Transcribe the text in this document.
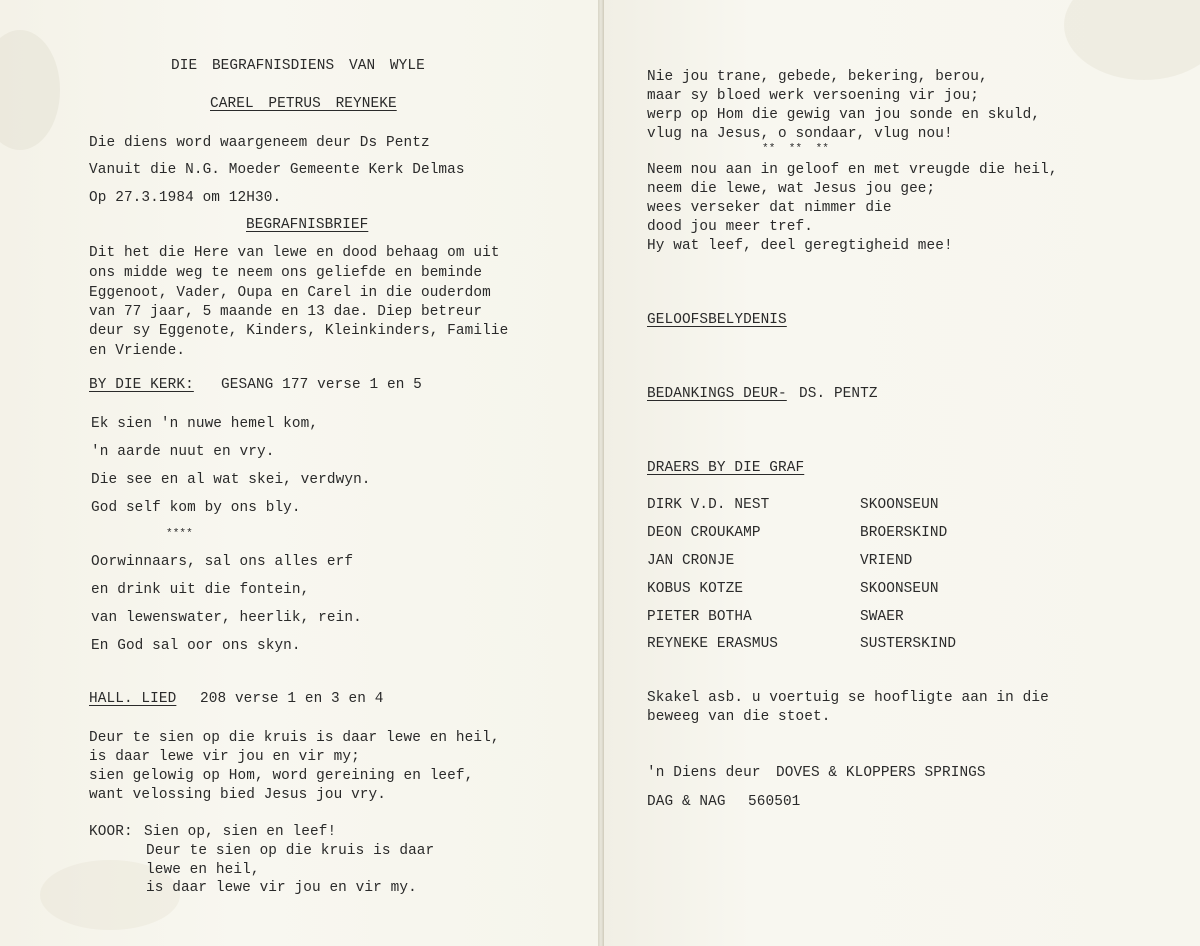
DIE BEGRAFNISDIENS VAN WYLE
CAREL PETRUS REYNEKE
Die diens word waargeneem deur Ds Pentz
Vanuit die N.G. Moeder Gemeente Kerk Delmas
Op 27.3.1984 om 12H30.
BEGRAFNISBRIEF
Dit het die Here van lewe en dood behaag om uit
ons midde weg te neem ons geliefde en beminde
Eggenoot, Vader, Oupa en Carel in die ouderdom
van 77 jaar, 5 maande en 13 dae. Diep betreur
deur sy Eggenote, Kinders, Kleinkinders, Familie
en Vriende.
BY DIE KERK: GESANG 177 verse 1 en 5
Ek sien 'n nuwe hemel kom,
'n aarde nuut en vry.
Die see en al wat skei, verdwyn.
God self kom by ons bly.
****
Oorwinnaars, sal ons alles erf
en drink uit die fontein,
van lewenswater, heerlik, rein.
En God sal oor ons skyn.
HALL. LIED 208 verse 1 en 3 en 4
Deur te sien op die kruis is daar lewe en heil,
is daar lewe vir jou en vir my;
sien gelowig op Hom, word gereining en leef,
want velossing bied Jesus jou vry.
KOOR: Sien op, sien en leef!
Deur te sien op die kruis is daar
lewe en heil,
is daar lewe vir jou en vir my.
Nie jou trane, gebede, bekering, berou,
maar sy bloed werk versoening vir jou;
werp op Hom die gewig van jou sonde en skuld,
vlug na Jesus, o sondaar, vlug nou!
**  **  **
Neem nou aan in geloof en met vreugde die heil,
neem die lewe, wat Jesus jou gee;
wees verseker dat nimmer die
dood jou meer tref.
Hy wat leef, deel geregtigheid mee!
GELOOFSBELYDENIS
BEDANKINGS DEUR- DS. PENTZ
DRAERS BY DIE GRAF
DIRK V.D. NEST	SKOONSEUN
DEON CROUKAMP	BROERSKIND
JAN CRONJE	VRIEND
KOBUS KOTZE	SKOONSEUN
PIETER BOTHA	SWAER
REYNEKE ERASMUS	SUSTERSKIND
Skakel asb. u voertuig se hoofligte aan in die
beweeg van die stoet.
'n Diens deur DOVES & KLOPPERS SPRINGS
DAG & NAG 560501
